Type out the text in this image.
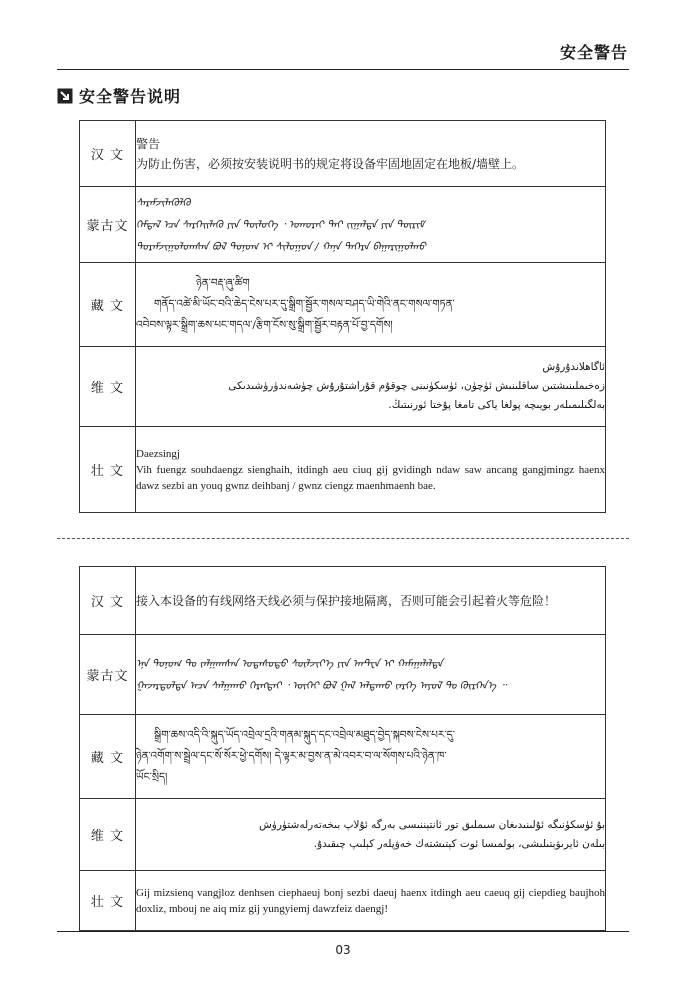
安全警告
安全警告说明
汉 文	警告
为防止伤害，必须按安装说明书的规定将设备牢固地固定在地板/墙壁上。

蒙古文	ᠰᠡᠷᠡᠮᠵᠢᠯᠡᠭᠦᠯᠬᠦ
ᠭᠡᠮᠲᠡᠯ ᠡᠴᠡ ᠰᠡᠷᠭᠡᠢᠯᠡᠬᠦ ᠶᠢᠨ ᠲᠥᠯᠥᠭᠡ ᠂ ᠤᠬᠤᠷᠠᠢ ᠲᠠᠢ ᠵᠢᠭᠠᠯᠲᠠ ᠶᠢᠨ ᠳᠦᠷᠢᠮ
ᠳᠤᠷᠠᠮᠵᠢᠭᠤᠯᠤᠭᠰᠠᠨ ᠪᠣᠯ ᠲᠣᠨᠣᠭ ᠢ ᠰᠢᠯᠣᠭᠤᠨ / ᠬᠠᠨᠠ ᠳᠡᠭᠡᠷᠡ ᠪᠠᠭᠠᠷᠢᠭᠤᠯᠬᠤ

藏 文	ཉེན་བརྡ་ཞུ་ཚིག
གནོད་འཚེ་མི་ཡོང་བའི་ཆེད་ངེས་པར་དུ་སྒྲིག་སྦྱོར་གསལ་བཤད་ཡི་གེའི་ནང་གསལ་གཏན་
འབེབས་ལྟར་སྒྲིག་ཆས་པང་གདལ་/རྩིག་ངོས་སུ་སྒྲིག་སྦྱོར་བརྟན་པོ་བྱ་དགོས།

维 文	ئاگاھلاندۇرۇش
زەخىملىنىشتىن ساقلىنىش ئۈچۈن، ئۈسكۈنىنى چوقۇم قۇراشتۇرۇش چۈشەندۈرۈشىدىكى
بەلگىلىمىلەر بويىچە پولغا ياكى تامغا پۇختا ئورنىتىڭ.

壮 文	Daezsingj
Vih fuengz souhdaengz sienghaih, itdingh aeu ciuq gij gvidingh ndaw saw ancang gangjmingz haenx dawz sezbi an youq gwnz deihbanj / gwnz ciengz maenhmaenh bae.
汉 文	接入本设备的有线网络天线必须与保护接地隔离，否则可能会引起着火等危险！

蒙古文	ᠡᠨᠡ ᠲᠣᠨᠣᠭ ᠲᠤ ᠵᠠᠯᠭᠠᠭᠰᠠᠨ ᠤᠲᠠᠰᠤᠲᠤ ᠰᠦᠯᠵᠢᠶ᠎ᠡ ᠶᠢᠨ ᠠᠨᠲ᠋ᠧᠨ ᠢ ᠬᠠᠮᠠᠭᠠᠯᠠᠯᠲᠠ
ᠭᠠᠵᠠᠷᠳᠤᠯᠲᠠ ᠠᠴᠠ ᠰᠠᠯᠭᠠᠬᠤ ᠬᠡᠷᠡᠭᠲᠡᠢ ᠂ ᠦᠭᠡᠢ ᠪᠣᠯ ᠭᠠᠯ ᠠᠯᠳᠠᠬᠤ ᠵᠡᠷᠭᠡ ᠠᠶᠤᠯ ᠲᠤ ᠬᠦᠷᠭᠡᠨ᠎ᠡ ᠃

藏 文	སྒྲིག་ཆས་འདི་འི་སྐུད་ཡོད་འབྲེལ་དྲའི་གནམ་སྐུད་དང་འབྲེལ་མཐུད་བྱེད་སྐབས་ངེས་པར་དུ་
ཉེན་འགོག་ས་སྦྲེལ་དང་སོ་སོར་ཕྱེ་དགོས། དེ་ལྟར་མ་བྱས་ན་མེ་འབར་བ་ལ་སོགས་པའི་ཉེན་ཁ་
ཡོང་སྲིད།

维 文	بۇ ئۈسكۈنىگە ئۇلىنىدىغان سىملىق تور ئانتېننىسى بەرگە ئۇلاپ بىخەتەرلەشتۈرۈش
بىلەن ئايرىۋېتىلىشى، بولمىسا ئوت كېتىشتەك خەۋپلەر كېلىپ چىقىدۇ.

壮 文	Gij mizsienq vangjloz denhsen ciephaeuj bonj sezbi daeuj haenx itdingh aeu caeuq gij ciepdieg baujhoh doxliz, mbouj ne aiq miz gij yungyiemj dawzfeiz daengj!
03
